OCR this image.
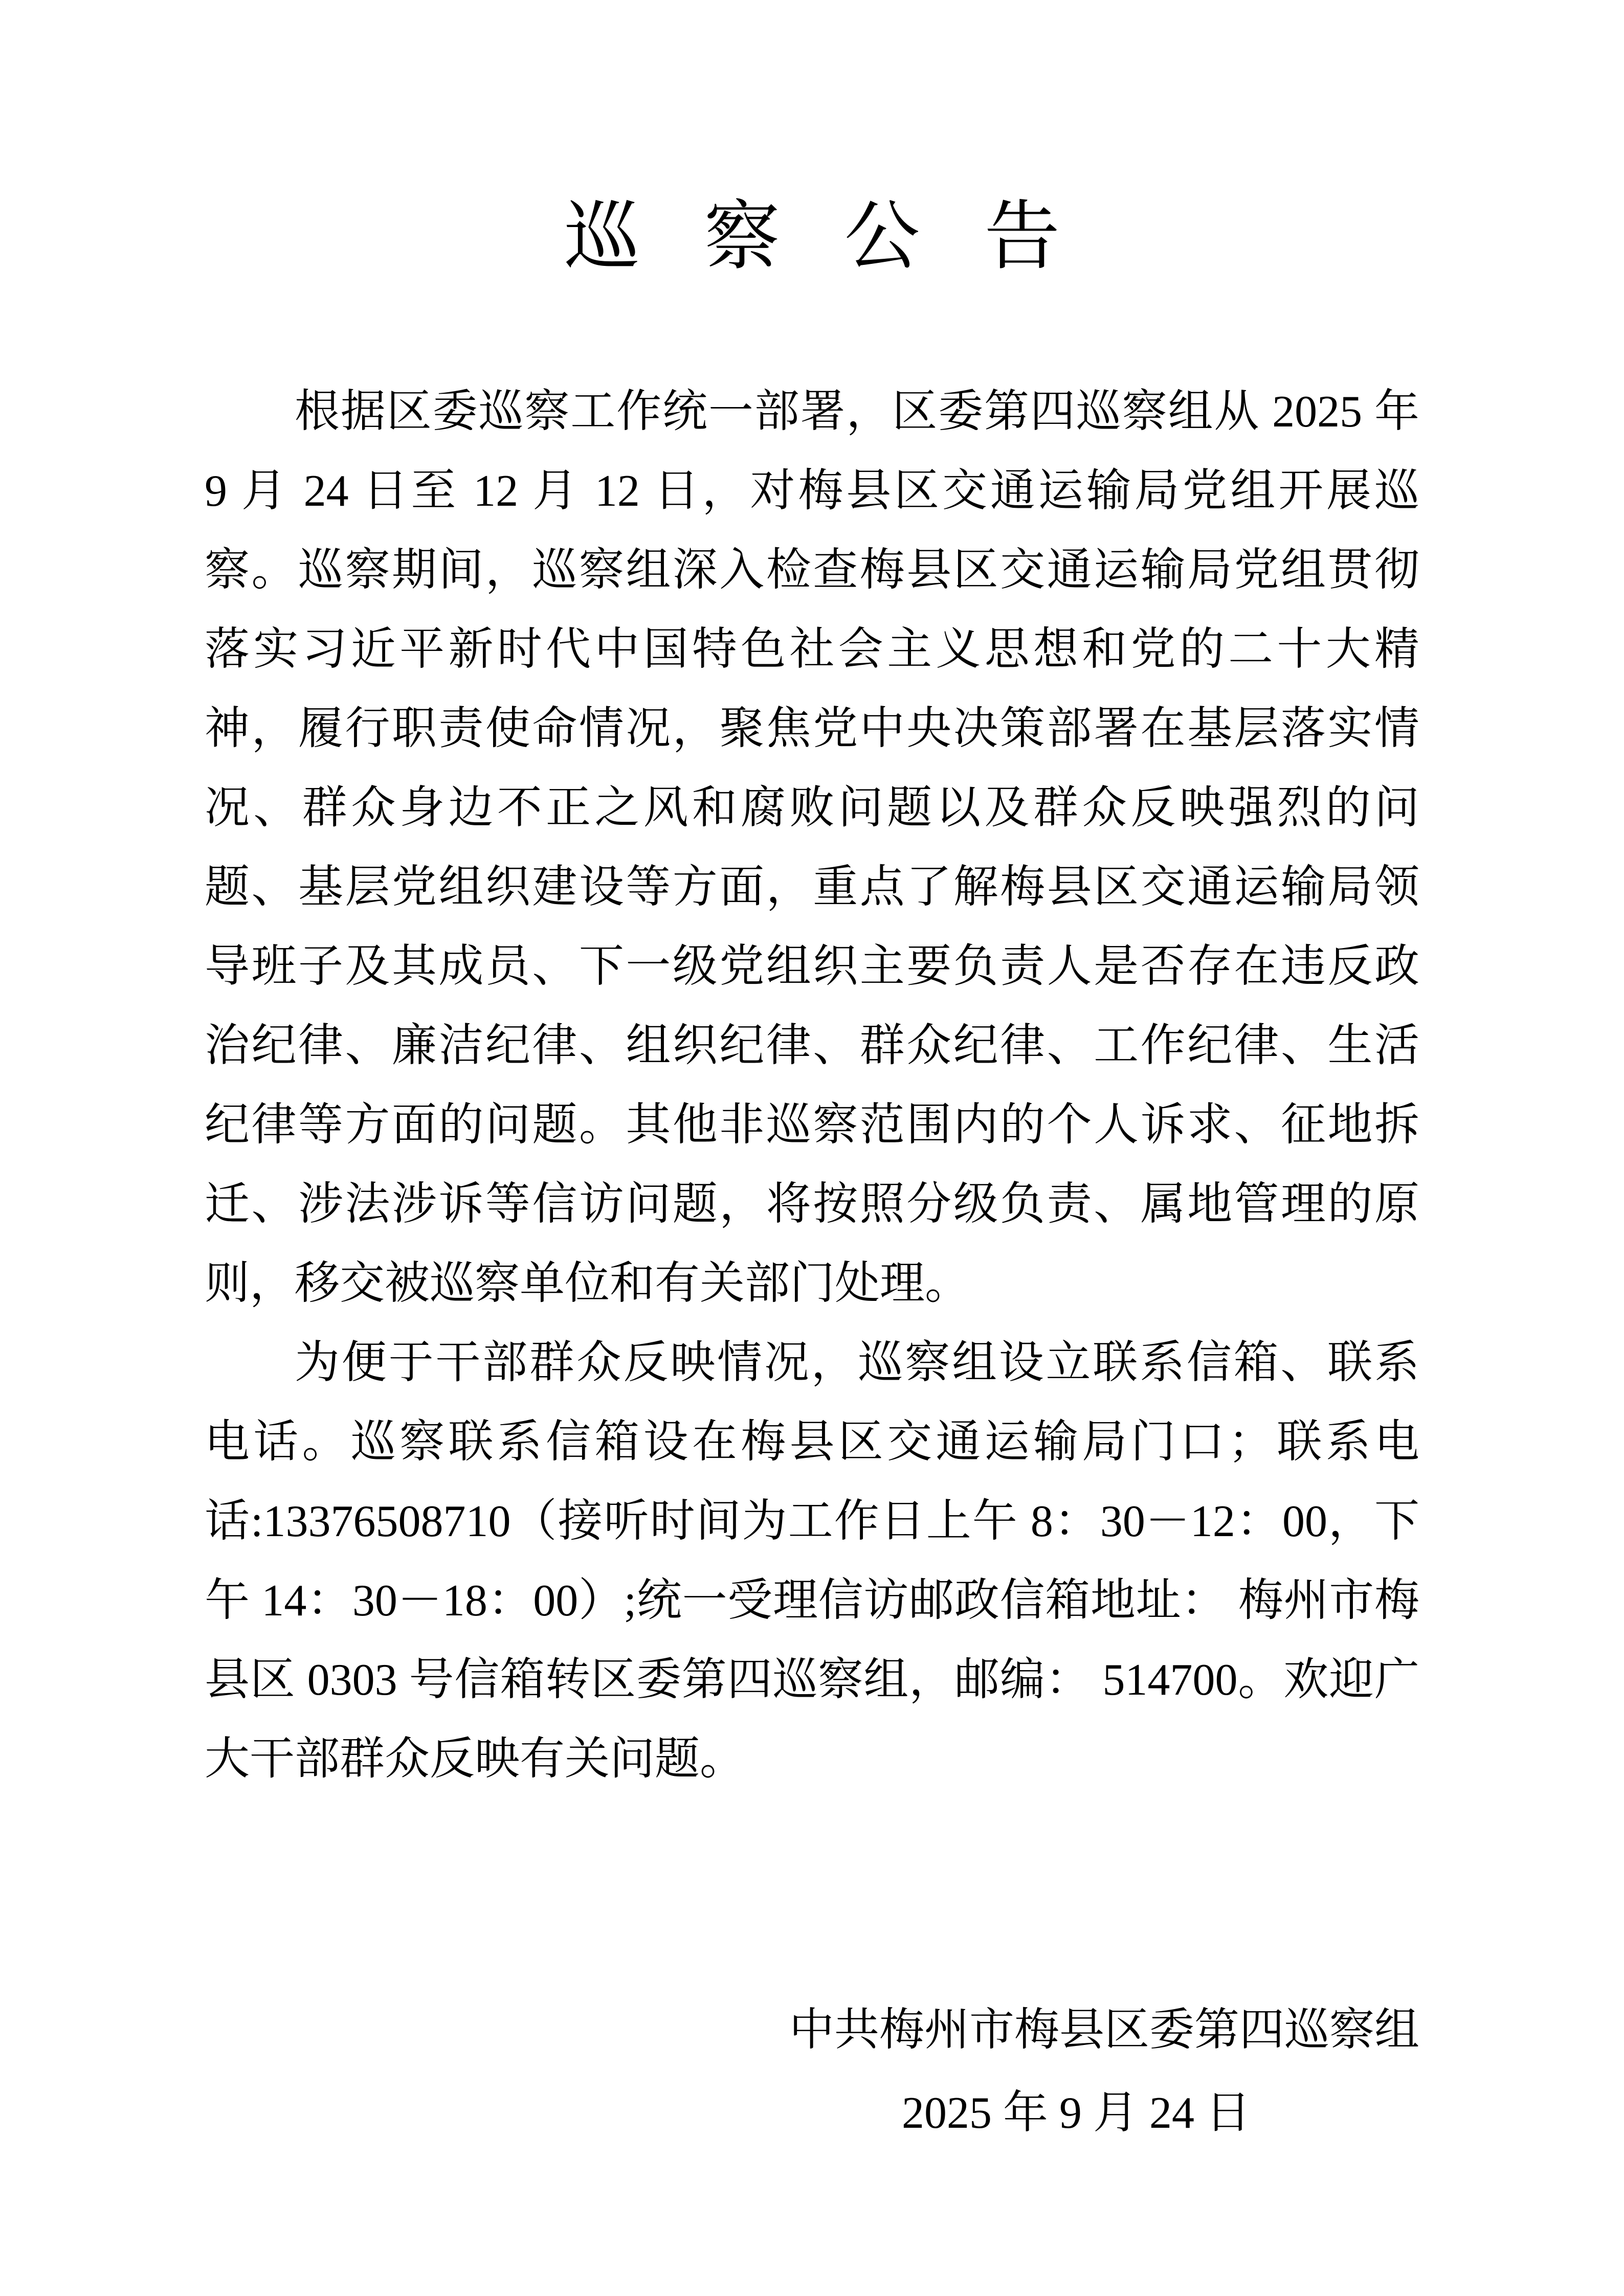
巡察公告

根据区委巡察工作统一部署，区委第四巡察组从 2025 年 9 月 24 日至 12 月 12 日，对梅县区交通运输局党组开展巡察。巡察期间，巡察组深入检查梅县区交通运输局党组贯彻落实习近平新时代中国特色社会主义思想和党的二十大精神，履行职责使命情况，聚焦党中央决策部署在基层落实情况、群众身边不正之风和腐败问题以及群众反映强烈的问题、基层党组织建设等方面，重点了解梅县区交通运输局领导班子及其成员、下一级党组织主要负责人是否存在违反政治纪律、廉洁纪律、组织纪律、群众纪律、工作纪律、生活纪律等方面的问题。其他非巡察范围内的个人诉求、征地拆迁、涉法涉诉等信访问题，将按照分级负责、属地管理的原则，移交被巡察单位和有关部门处理。

为便于干部群众反映情况，巡察组设立联系信箱、联系电话。巡察联系信箱设在梅县区交通运输局门口；联系电话:13376508710（接听时间为工作日上午 8：30－12：00，下午 14：30－18：00）;统一受理信访邮政信箱地址： 梅州市梅县区 0303 号信箱转区委第四巡察组，邮编： 514700。欢迎广大干部群众反映有关问题。

中共梅州市梅县区委第四巡察组
2025 年 9 月 24 日
